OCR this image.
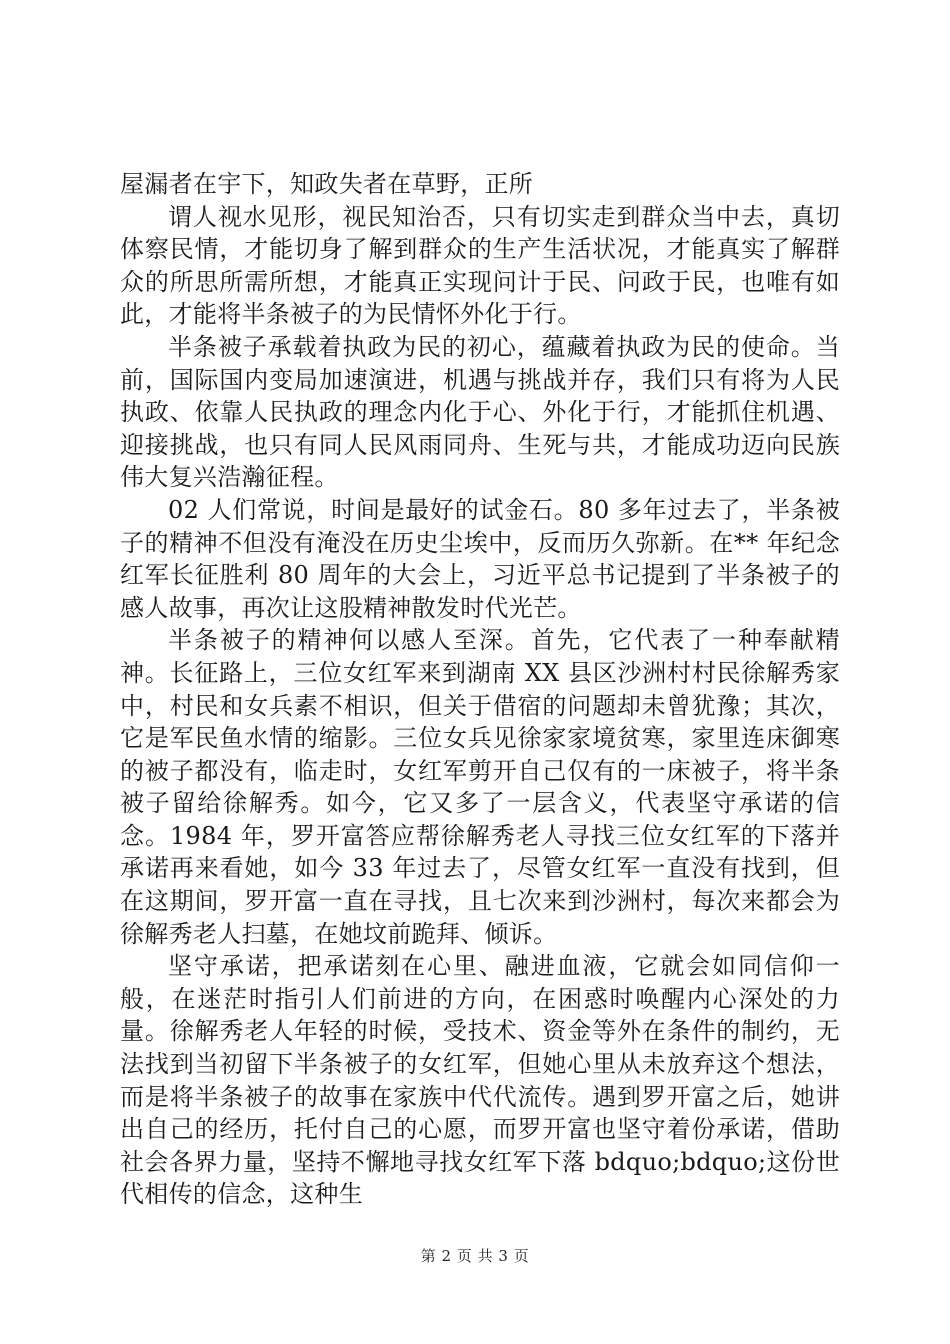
屋漏者在宇下，知政失者在草野，正所

谓人视水见形，视民知治否，只有切实走到群众当中去，真切体察民情，才能切身了解到群众的生产生活状况，才能真实了解群众的所思所需所想，才能真正实现问计于民、问政于民，也唯有如此，才能将半条被子的为民情怀外化于行。

半条被子承载着执政为民的初心，蕴藏着执政为民的使命。当前，国际国内变局加速演进，机遇与挑战并存，我们只有将为人民执政、依靠人民执政的理念内化于心、外化于行，才能抓住机遇、迎接挑战，也只有同人民风雨同舟、生死与共，才能成功迈向民族伟大复兴浩瀚征程。

02 人们常说，时间是最好的试金石。80 多年过去了，半条被子的精神不但没有淹没在历史尘埃中，反而历久弥新。在** 年纪念红军长征胜利 80 周年的大会上，习近平总书记提到了半条被子的感人故事，再次让这股精神散发时代光芒。

半条被子的精神何以感人至深。首先，它代表了一种奉献精神。长征路上，三位女红军来到湖南 XX 县区沙洲村村民徐解秀家中，村民和女兵素不相识，但关于借宿的问题却未曾犹豫；其次，它是军民鱼水情的缩影。三位女兵见徐家家境贫寒，家里连床御寒的被子都没有，临走时，女红军剪开自己仅有的一床被子，将半条被子留给徐解秀。如今，它又多了一层含义，代表坚守承诺的信念。1984 年，罗开富答应帮徐解秀老人寻找三位女红军的下落并承诺再来看她，如今 33 年过去了，尽管女红军一直没有找到，但在这期间，罗开富一直在寻找，且七次来到沙洲村，每次来都会为徐解秀老人扫墓，在她坟前跪拜、倾诉。

坚守承诺，把承诺刻在心里、融进血液，它就会如同信仰一般，在迷茫时指引人们前进的方向，在困惑时唤醒内心深处的力量。徐解秀老人年轻的时候，受技术、资金等外在条件的制约，无法找到当初留下半条被子的女红军，但她心里从未放弃这个想法，而是将半条被子的故事在家族中代代流传。遇到罗开富之后，她讲出自己的经历，托付自己的心愿，而罗开富也坚守着份承诺，借助社会各界力量，坚持不懈地寻找女红军下落 bdquo;bdquo;这份世代相传的信念，这种生

第 2 页 共 3 页
